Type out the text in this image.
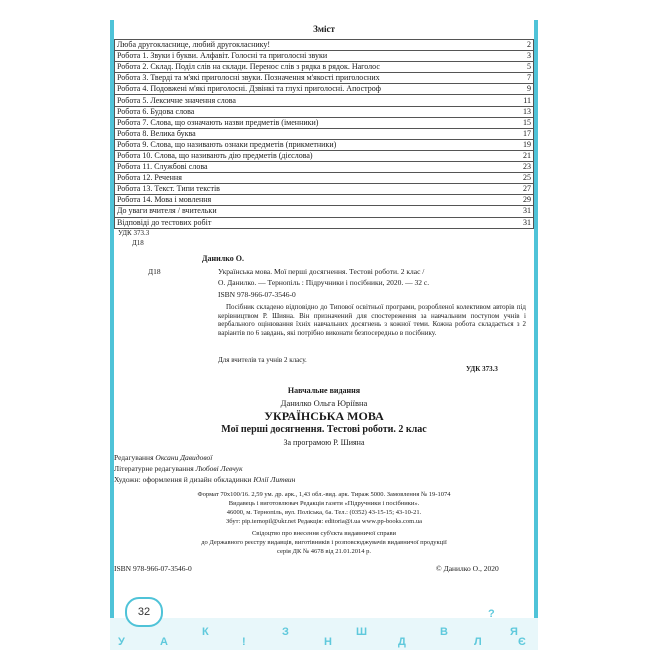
Зміст
Люба другокласнице, любий другокласнику!	2
Робота 1. Звуки і букви. Алфавіт. Голосні та приголосні звуки	3
Робота 2. Склад. Поділ слів на склади. Перенос слів з рядка в рядок. Наголос	5
Робота 3. Тверді та м'які приголосні звуки. Позначення м'якості приголосних	7
Робота 4. Подовжені м'які приголосні. Дзвінкі та глухі приголосні. Апостроф	9
Робота 5. Лексичне значення слова	11
Робота 6. Будова слова	13
Робота 7. Слова, що означають назви предметів (іменники)	15
Робота 8. Велика буква	17
Робота 9. Слова, що називають ознаки предметів (прикметники)	19
Робота 10. Слова, що називають дію предметів (дієслова)	21
Робота 11. Службові слова	23
Робота 12. Речення	25
Робота 13. Текст. Типи текстів	27
Робота 14. Мова і мовлення	29
До уваги вчителя / вчительки	31
Відповіді до тестових робіт	31
УДК 373.3
Д18
Данилко О.
Д18	Українська мова. Мої перші досягнення. Тестові роботи. 2 клас /
О. Данилко. — Тернопіль : Підручники і посібники, 2020. — 32 с.
ISBN 978-966-07-3546-0
Посібник складено відповідно до Типової освітньої програми, розробленої колективом авторів під керівництвом Р. Шияна. Він призначений для спостереження за навчальним поступом учнів і вербального оцінювання їхніх навчальних досягнень з кожної теми. Кожна робота складається з 2 варіантів по 6 завдань, які потрібно виконати безпосередньо в посібнику.
Для вчителів та учнів 2 класу.
УДК 373.3
Навчальне видання
Данилко Ольга Юріївна
УКРАЇНСЬКА МОВА
Мої перші досягнення. Тестові роботи. 2 клас
За програмою Р. Шияна
Редагування Оксани Давидової
Літературне редагування Любові Левчук
Художн: оформлення й дизайн обкладинки Юлії Литвин
Формат 70х100/16. 2,59 ум. др. арк., 1,43 обл.-вид. арк. Тираж 5000. Замовлення № 19-1074
Видавець і виготовлювач Редакція газети «Підручники і посібники».
46000, м. Тернопіль, вул. Поліська, 6а. Тел.: (0352) 43-15-15; 43-10-21.
Збут: pip.ternopil@ukr.net Редакція: editoria@i.ua www.pp-books.com.ua
Свідоцтво про внесення суб'єкта видавничої справи
до Державного реєстру видавців, виготівників і розповсюджувачів видавничої продукції
серія ДК № 4678 від 21.01.2014 р.
ISBN 978-966-07-3546-0	© Данилко О., 2020
32
У	А
К
!
З
Н
Ш
Д
В
Л
Я
?
Є
